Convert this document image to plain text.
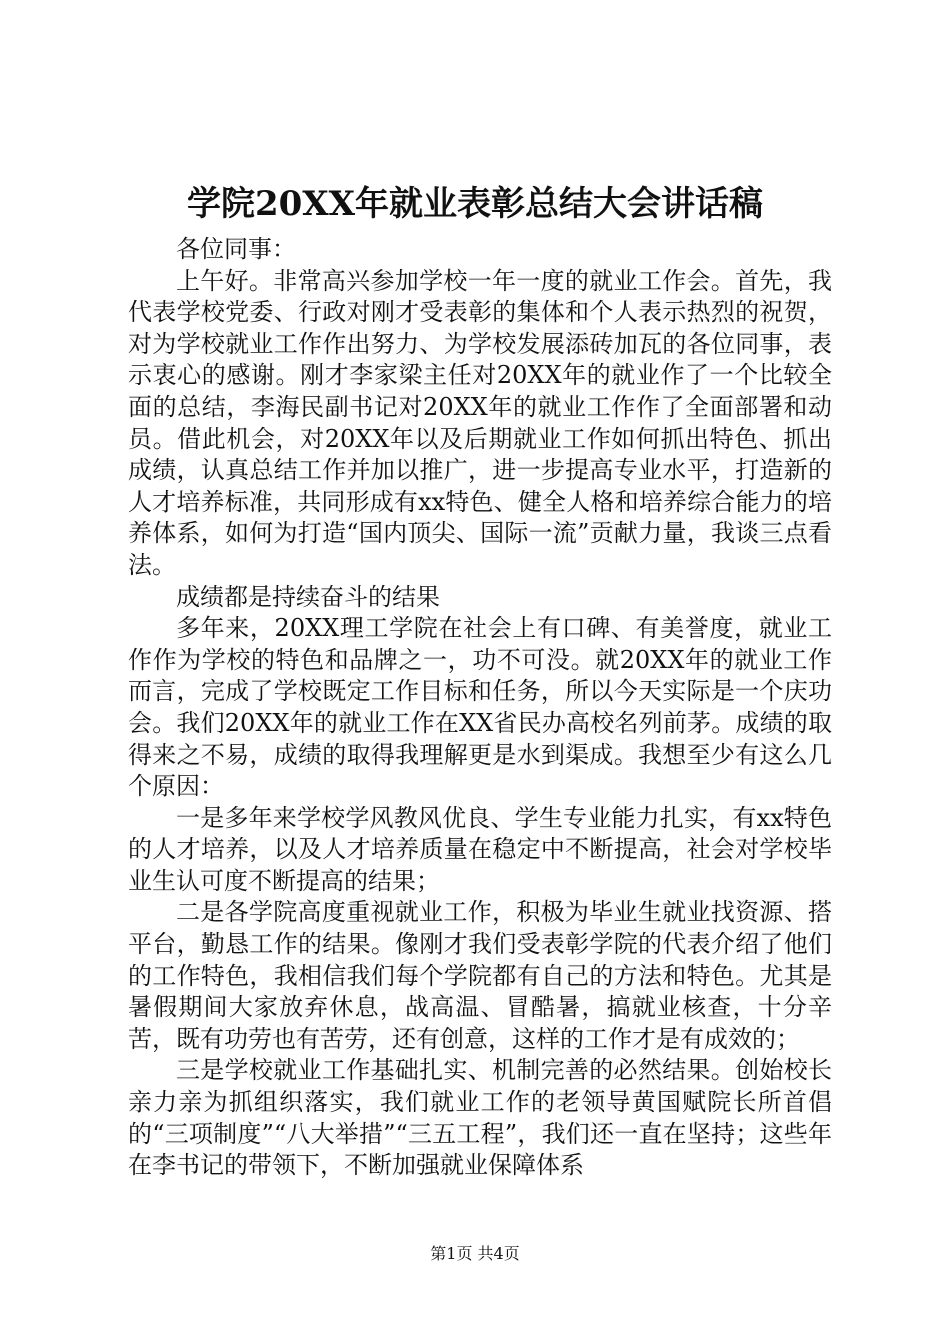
学院20XX年就业表彰总结大会讲话稿

各位同事：

上午好。非常高兴参加学校一年一度的就业工作会。首先，我代表学校党委、行政对刚才受表彰的集体和个人表示热烈的祝贺，对为学校就业工作作出努力、为学校发展添砖加瓦的各位同事，表示衷心的感谢。刚才李家梁主任对20XX年的就业作了一个比较全面的总结，李海民副书记对20XX年的就业工作作了全面部署和动员。借此机会，对20XX年以及后期就业工作如何抓出特色、抓出成绩，认真总结工作并加以推广，进一步提高专业水平，打造新的人才培养标准，共同形成有xx特色、健全人格和培养综合能力的培养体系，如何为打造“国内顶尖、国际一流”贡献力量，我谈三点看法。

成绩都是持续奋斗的结果

多年来，20XX理工学院在社会上有口碑、有美誉度，就业工作作为学校的特色和品牌之一，功不可没。就20XX年的就业工作而言，完成了学校既定工作目标和任务，所以今天实际是一个庆功会。我们20XX年的就业工作在XX省民办高校名列前茅。成绩的取得来之不易，成绩的取得我理解更是水到渠成。我想至少有这么几个原因：

一是多年来学校学风教风优良、学生专业能力扎实，有xx特色的人才培养，以及人才培养质量在稳定中不断提高，社会对学校毕业生认可度不断提高的结果；

二是各学院高度重视就业工作，积极为毕业生就业找资源、搭平台，勤恳工作的结果。像刚才我们受表彰学院的代表介绍了他们的工作特色，我相信我们每个学院都有自己的方法和特色。尤其是暑假期间大家放弃休息，战高温、冒酷暑，搞就业核查，十分辛苦，既有功劳也有苦劳，还有创意，这样的工作才是有成效的；

三是学校就业工作基础扎实、机制完善的必然结果。创始校长亲力亲为抓组织落实，我们就业工作的老领导黄国赋院长所首倡的“三项制度”“八大举措”“三五工程”，我们还一直在坚持；这些年在李书记的带领下，不断加强就业保障体系

第1页 共4页
